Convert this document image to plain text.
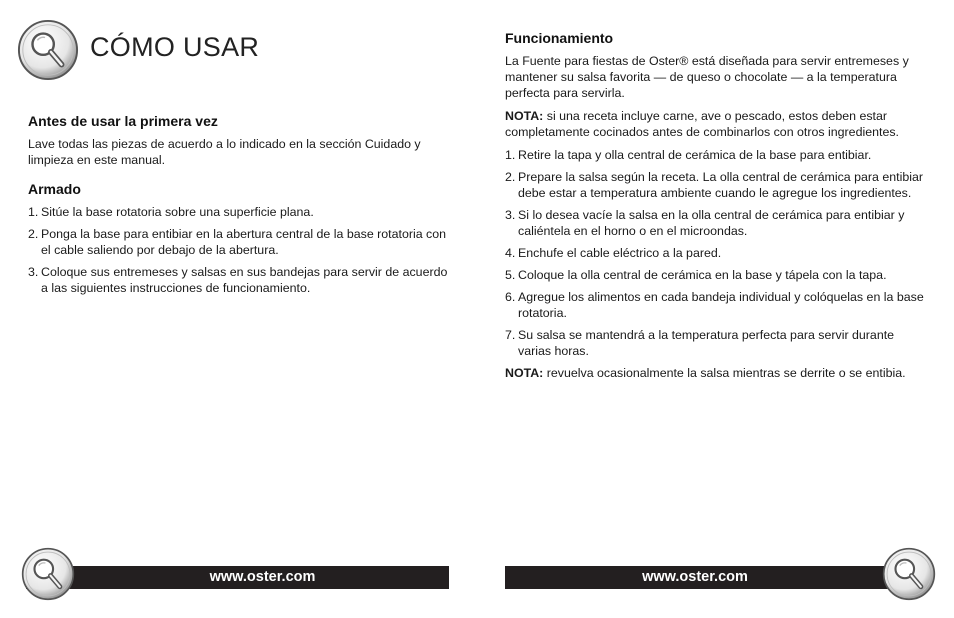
CÓMO USAR
Antes de usar la primera vez

Lave todas las piezas de acuerdo a lo indicado en la sección Cuidado y limpieza en este manual.

Armado
1. Sitúe la base rotatoria sobre una superficie plana.
2. Ponga la base para entibiar en la abertura central de la base rotatoria con el cable saliendo por debajo de la abertura.
3. Coloque sus entremeses y salsas en sus bandejas para servir de acuerdo a las siguientes instrucciones de funcionamiento.
Funcionamiento

La Fuente para fiestas de Oster® está diseñada para servir entremeses y mantener su salsa favorita — de queso o chocolate — a la temperatura perfecta para servirla.

NOTA: si una receta incluye carne, ave o pescado, estos deben estar completamente cocinados antes de combinarlos con otros ingredientes.

1. Retire la tapa y olla central de cerámica de la base para entibiar.
2. Prepare la salsa según la receta. La olla central de cerámica para entibiar debe estar a temperatura ambiente cuando le agregue los ingredientes.
3. Si lo desea vacíe la salsa en la olla central de cerámica para entibiar y caliéntela en el horno o en el microondas.
4. Enchufe el cable eléctrico a la pared.
5. Coloque la olla central de cerámica en la base y tápela con la tapa.
6. Agregue los alimentos en cada bandeja individual y colóquelas en la base rotatoria.
7. Su salsa se mantendrá a la temperatura perfecta para servir durante varias horas.

NOTA: revuelva ocasionalmente la salsa mientras se derrite o se entibia.

www.oster.com	www.oster.com
